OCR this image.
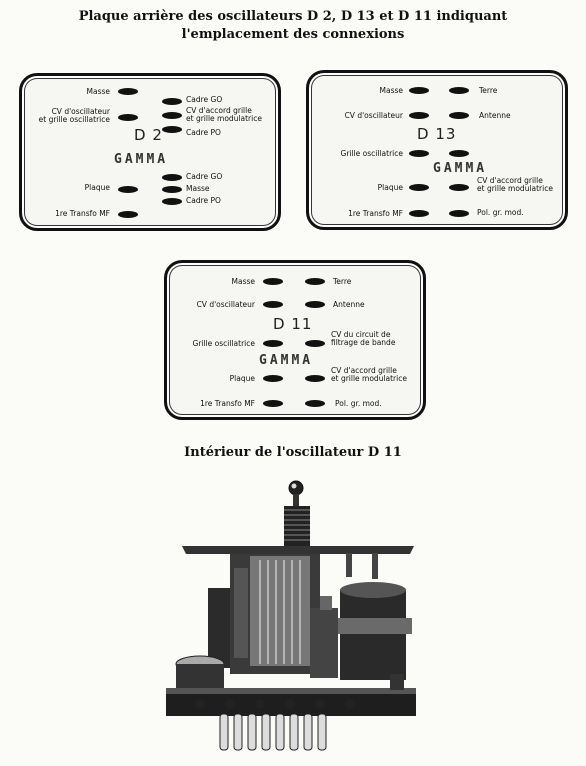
Plaque arrière des oscillateurs D 2, D 13 et D 11 indiquant
l'emplacement des connexions
Masse
CV d'oscillateur
et grille oscillatrice
Plaque
1re Transfo MF
Cadre GO
CV d'accord grille
et grille modulatrice
Cadre PO
Cadre GO
Masse
Cadre PO
D 2
GAMMA
Masse
CV d'oscillateur
Grille oscillatrice
Plaque
1re Transfo MF
Terre
Antenne
CV d'accord grille
et grille modulatrice
Pol. gr. mod.
D 13
GAMMA
Masse
CV d'oscillateur
Grille oscillatrice
Plaque
1re Transfo MF
Terre
Antenne
CV du circuit de
filtrage de bande
CV d'accord grille
et grille modulatrice
Pol. gr. mod.
D 11
GAMMA
Intérieur de l'oscillateur D 11
